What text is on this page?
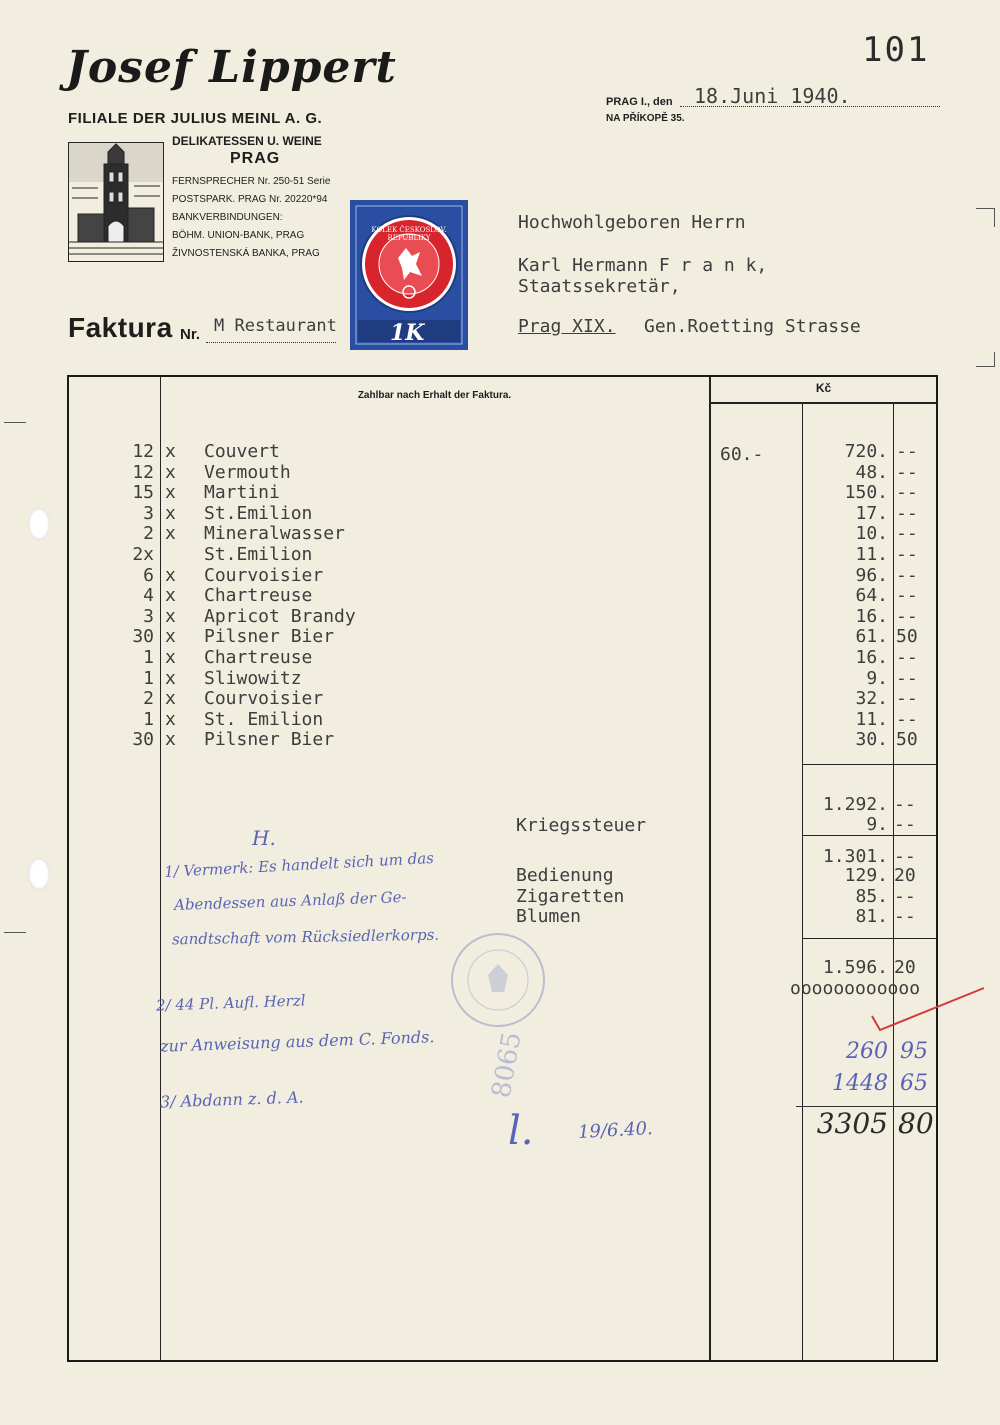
101
Josef Lippert
FILIALE DER JULIUS MEINL A. G.
DELIKATESSEN U. WEINE
PRAG
FERNSPRECHER Nr. 250-51 Serie
POSTSPARK. PRAG Nr. 20220*94
BANKVERBINDUNGEN:
BÖHM. UNION-BANK, PRAG
ŽIVNOSTENSKÁ BANKA, PRAG
PRAG I., den 18.Juni 1940.
NA PŘÍKOPĚ 35.
KOLEK ČESKOSLOV. REPUBLIKY
1K
Faktura Nr. M Restaurant
Hochwohlgeboren Herrn
Karl Hermann F r a n k,
Staatssekretär,
Prag XIX. Gen.Roetting Strasse
Zahlbar nach Erhalt der Faktura.
Kč
60.-
12 x Couvert	720. --
12 x Vermouth	48. --
15 x Martini	150. --
3 x St.Emilion	17. --
2 x Mineralwasser	10. --
2x	St.Emilion	11. --
6 x Courvoisier	96. --
4 x Chartreuse	64. --
3 x Apricot Brandy	16. --
30 x Pilsner Bier	61. 50
1 x Chartreuse	16. --
1 x Sliwowitz	9. --
2 x Courvoisier	32. --
1 x St. Emilion	11. --
30 x Pilsner Bier	30. 50
1.292. --
Kriegssteuer	9. --
1.301. --
Bedienung	129. 20
Zigaretten	85. --
Blumen	81. --
1.596. 20
oooooooooooo
H.
1/ Vermerk: Es handelt sich um das
Abendessen aus Anlaß der Ge-
sandtschaft vom Rücksiedlerkorps.
2/ 44 Pl. Aufl. Herzl
zur Anweisung aus dem C. Fonds.
3/ Abdann z. d. A.
l. 19/6.40.
8065	260 95
1448 65
3305 80
